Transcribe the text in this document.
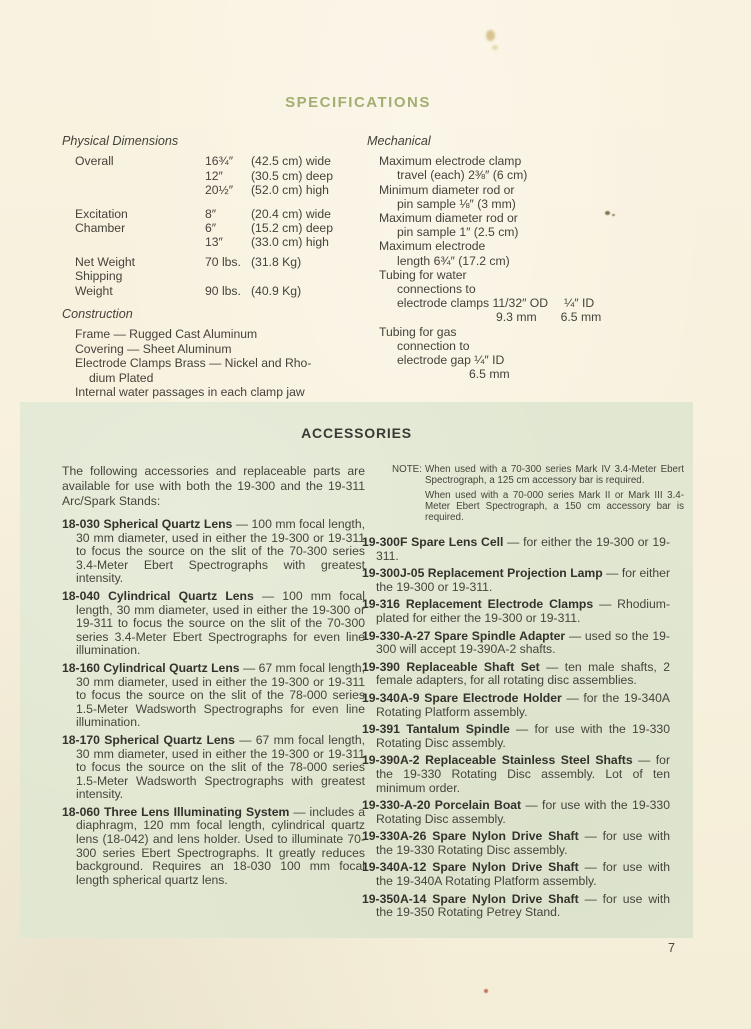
SPECIFICATIONS
Physical Dimensions
Overall	16¾″ (42.5 cm) wide
12″ (30.5 cm) deep
20½″ (52.0 cm) high
Excitation
Chamber
8″	(20.4 cm) wide
6″	(15.2 cm) deep
13″ (33.0 cm) high
Net Weight	70 lbs. (31.8 Kg)
Shipping
Weight	90 lbs. (40.9 Kg)
Construction
Frame — Rugged Cast Aluminum
Covering — Sheet Aluminum
Electrode Clamps Brass — Nickel and Rho-
dium Plated
Internal water passages in each clamp jaw
Mechanical
Maximum electrode clamp
travel (each) 2⅜″ (6 cm)
Minimum diameter rod or
pin sample ⅛″ (3 mm)
Maximum diameter rod or
pin sample 1″ (2.5 cm)
Maximum electrode
length 6¾″ (17.2 cm)
Tubing for water
connections to
electrode clamps 11/32″ OD ¼″ ID
9.3 mm 6.5 mm
Tubing for gas
connection to
electrode gap ¼″ ID
6.5 mm
ACCESSORIES

The following accessories and replaceable parts are available for use with both the 19-300 and the 19-311 Arc/Spark Stands:

18-030 Spherical Quartz Lens — 100 mm focal length, 30 mm diameter, used in either the 19-300 or 19-311 to focus the source on the slit of the 70-300 series 3.4-Meter Ebert Spectrographs with greatest intensity.

18-040 Cylindrical Quartz Lens — 100 mm focal length, 30 mm diameter, used in either the 19-300 or 19-311 to focus the source on the slit of the 70-300 series 3.4-Meter Ebert Spectrographs for even line illumination.

18-160 Cylindrical Quartz Lens — 67 mm focal length, 30 mm diameter, used in either the 19-300 or 19-311 to focus the source on the slit of the 78-000 series 1.5-Meter Wadsworth Spectrographs for even line illumination.

18-170 Spherical Quartz Lens — 67 mm focal length, 30 mm diameter, used in either the 19-300 or 19-311 to focus the source on the slit of the 78-000 series 1.5-Meter Wadsworth Spectrographs with greatest intensity.

18-060 Three Lens Illuminating System — includes a diaphragm, 120 mm focal length, cylindrical quartz lens (18-042) and lens holder. Used to illuminate 70-300 series Ebert Spectrographs. It greatly reduces background. Requires an 18-030 100 mm focal length spherical quartz lens.

NOTE: When used with a 70-300 series Mark IV 3.4-Meter Ebert Spectrograph, a 125 cm accessory bar is required.

When used with a 70-000 series Mark II or Mark III 3.4-Meter Ebert Spectrograph, a 150 cm accessory bar is required.

19-300F Spare Lens Cell — for either the 19-300 or 19-311.

19-300J-05 Replacement Projection Lamp — for either the 19-300 or 19-311.

19-316 Replacement Electrode Clamps — Rhodium-plated for either the 19-300 or 19-311.

19-330-A-27 Spare Spindle Adapter — used so the 19-300 will accept 19-390A-2 shafts.

19-390 Replaceable Shaft Set — ten male shafts, 2 female adapters, for all rotating disc assemblies.

19-340A-9 Spare Electrode Holder — for the 19-340A Rotating Platform assembly.

19-391 Tantalum Spindle — for use with the 19-330 Rotating Disc assembly.

19-390A-2 Replaceable Stainless Steel Shafts — for the 19-330 Rotating Disc assembly. Lot of ten minimum order.

19-330-A-20 Porcelain Boat — for use with the 19-330 Rotating Disc assembly.

19-330A-26 Spare Nylon Drive Shaft — for use with the 19-330 Rotating Disc assembly.

19-340A-12 Spare Nylon Drive Shaft — for use with the 19-340A Rotating Platform assembly.

19-350A-14 Spare Nylon Drive Shaft — for use with the 19-350 Rotating Petrey Stand.

7
